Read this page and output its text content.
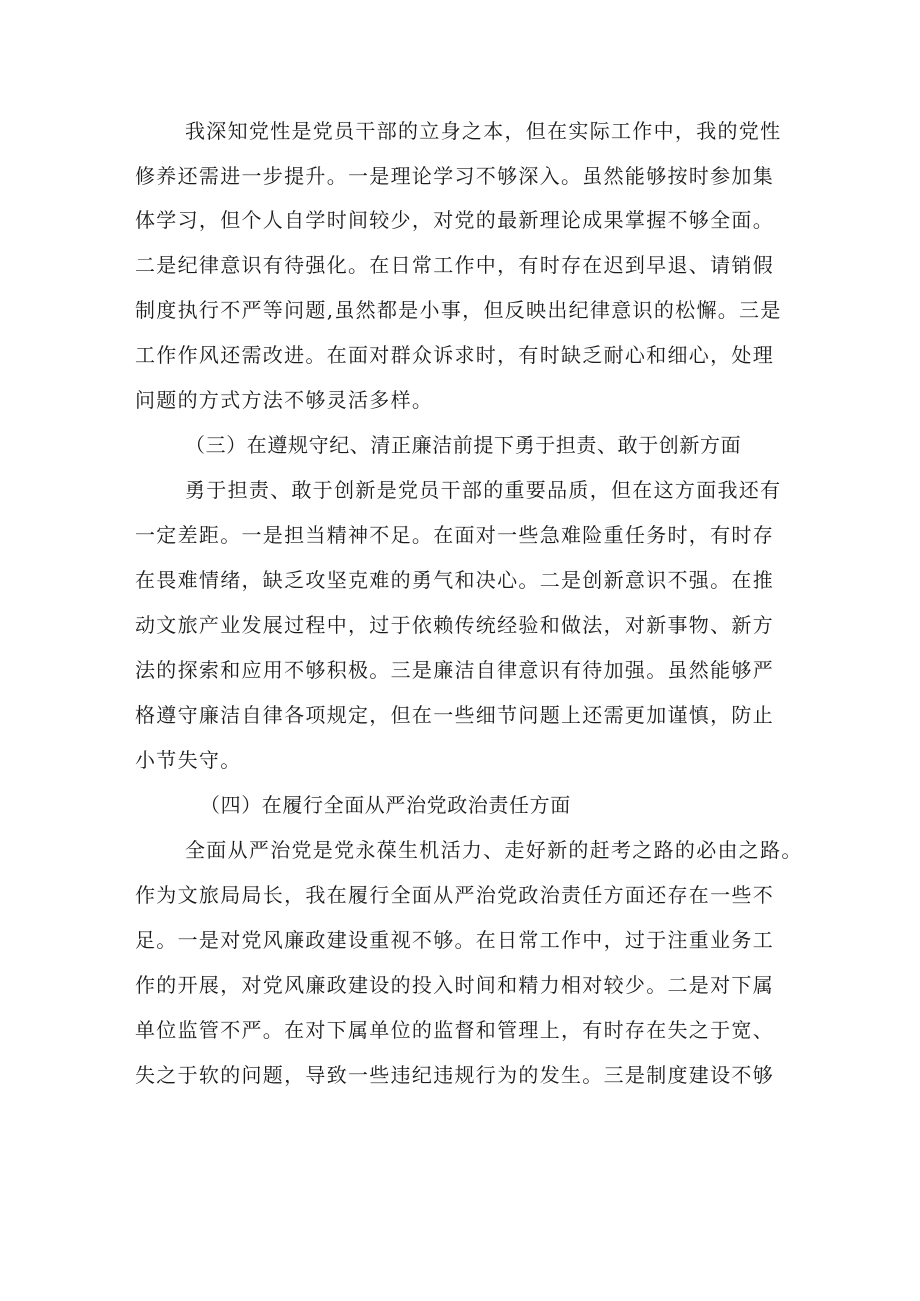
我深知党性是党员干部的立身之本，但在实际工作中，我的党性
修养还需进一步提升。一是理论学习不够深入。虽然能够按时参加集
体学习，但个人自学时间较少，对党的最新理论成果掌握不够全面。
二是纪律意识有待强化。在日常工作中，有时存在迟到早退、请销假
制度执行不严等问题,虽然都是小事，但反映出纪律意识的松懈。三是
工作作风还需改进。在面对群众诉求时，有时缺乏耐心和细心，处理
问题的方式方法不够灵活多样。
（三）在遵规守纪、清正廉洁前提下勇于担责、敢于创新方面
勇于担责、敢于创新是党员干部的重要品质，但在这方面我还有
一定差距。一是担当精神不足。在面对一些急难险重任务时，有时存
在畏难情绪，缺乏攻坚克难的勇气和决心。二是创新意识不强。在推
动文旅产业发展过程中，过于依赖传统经验和做法，对新事物、新方
法的探索和应用不够积极。三是廉洁自律意识有待加强。虽然能够严
格遵守廉洁自律各项规定，但在一些细节问题上还需更加谨慎，防止
小节失守。
（四）在履行全面从严治党政治责任方面
全面从严治党是党永葆生机活力、走好新的赶考之路的必由之路。
作为文旅局局长，我在履行全面从严治党政治责任方面还存在一些不
足。一是对党风廉政建设重视不够。在日常工作中，过于注重业务工
作的开展，对党风廉政建设的投入时间和精力相对较少。二是对下属
单位监管不严。在对下属单位的监督和管理上，有时存在失之于宽、
失之于软的问题，导致一些违纪违规行为的发生。三是制度建设不够
